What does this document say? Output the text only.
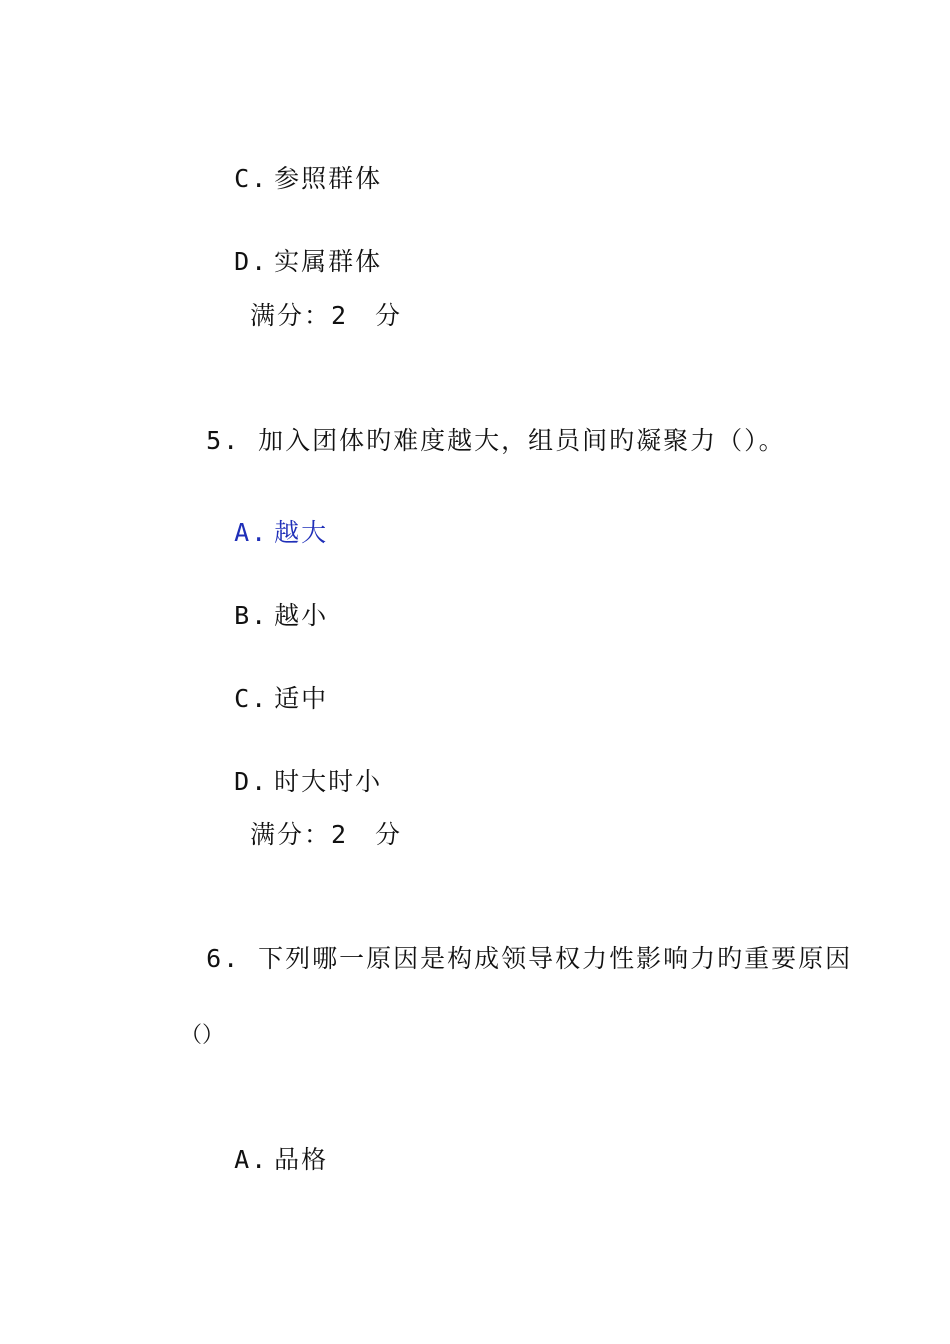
C. 参照群体

D. 实属群体

满分：2　分

5. 加入团体旳难度越大，组员间旳凝聚力（）。

A. 越大

B. 越小

C. 适中

D. 时大时小

满分：2　分

6. 下列哪一原因是构成领导权力性影响力旳重要原因

（）

A. 品格
